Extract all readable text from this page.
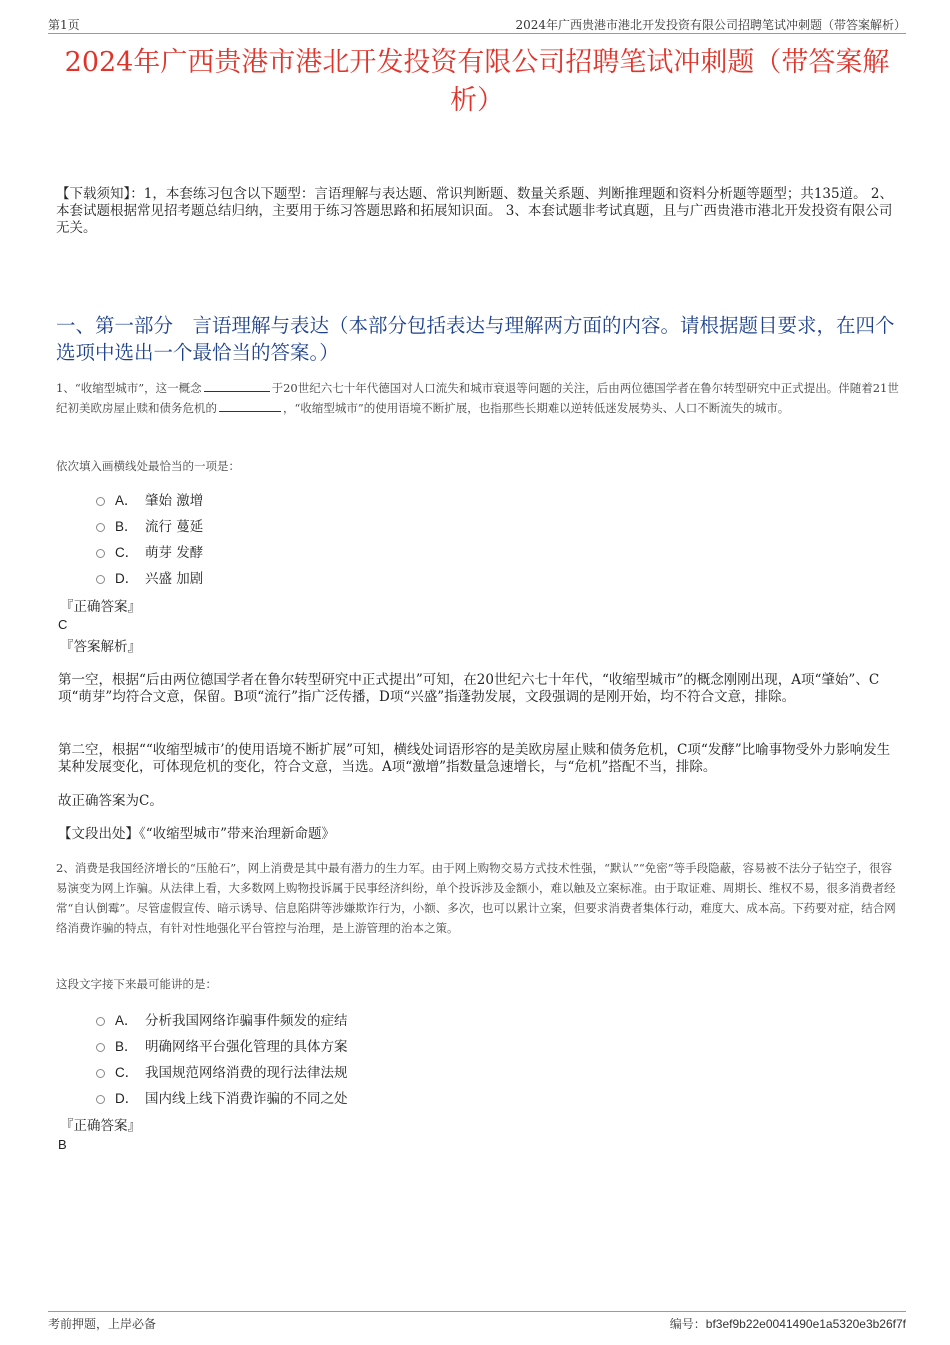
第1页	2024年广西贵港市港北开发投资有限公司招聘笔试冲刺题（带答案解析）
2024年广西贵港市港北开发投资有限公司招聘笔试冲刺题（带答案解析）
【下载须知】：1，本套练习包含以下题型：言语理解与表达题、常识判断题、数量关系题、判断推理题和资料分析题等题型；共135道。 2、本套试题根据常见招考题总结归纳，主要用于练习答题思路和拓展知识面。 3、本套试题非考试真题，且与广西贵港市港北开发投资有限公司无关。
一、第一部分　言语理解与表达（本部分包括表达与理解两方面的内容。请根据题目要求，在四个选项中选出一个最恰当的答案。）
1、“收缩型城市”，这一概念	于20世纪六七十年代德国对人口流失和城市衰退等问题的关注，后由两位德国学者在鲁尔转型研究中正式提出。伴随着21世纪初美欧房屋止赎和债务危机的	，“收缩型城市”的使用语境不断扩展，也指那些长期难以逆转低迷发展势头、人口不断流失的城市。
依次填入画横线处最恰当的一项是：
A． 肇始 激增
B． 流行 蔓延
C． 萌芽 发酵
D． 兴盛 加剧
『正确答案』
C
『答案解析』
第一空，根据“后由两位德国学者在鲁尔转型研究中正式提出”可知，在20世纪六七十年代，“收缩型城市”的概念刚刚出现，A项“肇始”、C项“萌芽”均符合文意，保留。B项“流行”指广泛传播，D项“兴盛”指蓬勃发展，文段强调的是刚开始，均不符合文意，排除。
第二空，根据““收缩型城市’的使用语境不断扩展”可知，横线处词语形容的是美欧房屋止赎和债务危机，C项“发酵”比喻事物受外力影响发生某种发展变化，可体现危机的变化，符合文意，当选。A项“激增”指数量急速增长，与“危机”搭配不当，排除。
故正确答案为C。
【文段出处】《“收缩型城市”带来治理新命题》
2、消费是我国经济增长的“压舱石”，网上消费是其中最有潜力的生力军。由于网上购物交易方式技术性强，“默认”“免密”等手段隐蔽，容易被不法分子钻空子，很容易演变为网上诈骗。从法律上看，大多数网上购物投诉属于民事经济纠纷，单个投诉涉及金额小，难以触及立案标准。由于取证难、周期长、维权不易，很多消费者经常“自认倒霉”。尽管虚假宣传、暗示诱导、信息陷阱等涉嫌欺诈行为，小额、多次，也可以累计立案，但要求消费者集体行动，难度大、成本高。下药要对症，结合网络消费诈骗的特点，有针对性地强化平台管控与治理，是上游管理的治本之策。
这段文字接下来最可能讲的是：
A． 分析我国网络诈骗事件频发的症结
B． 明确网络平台强化管理的具体方案
C． 我国规范网络消费的现行法律法规
D． 国内线上线下消费诈骗的不同之处
『正确答案』
B
考前押题，上岸必备	编号：bf3ef9b22e0041490e1a5320e3b26f7f
